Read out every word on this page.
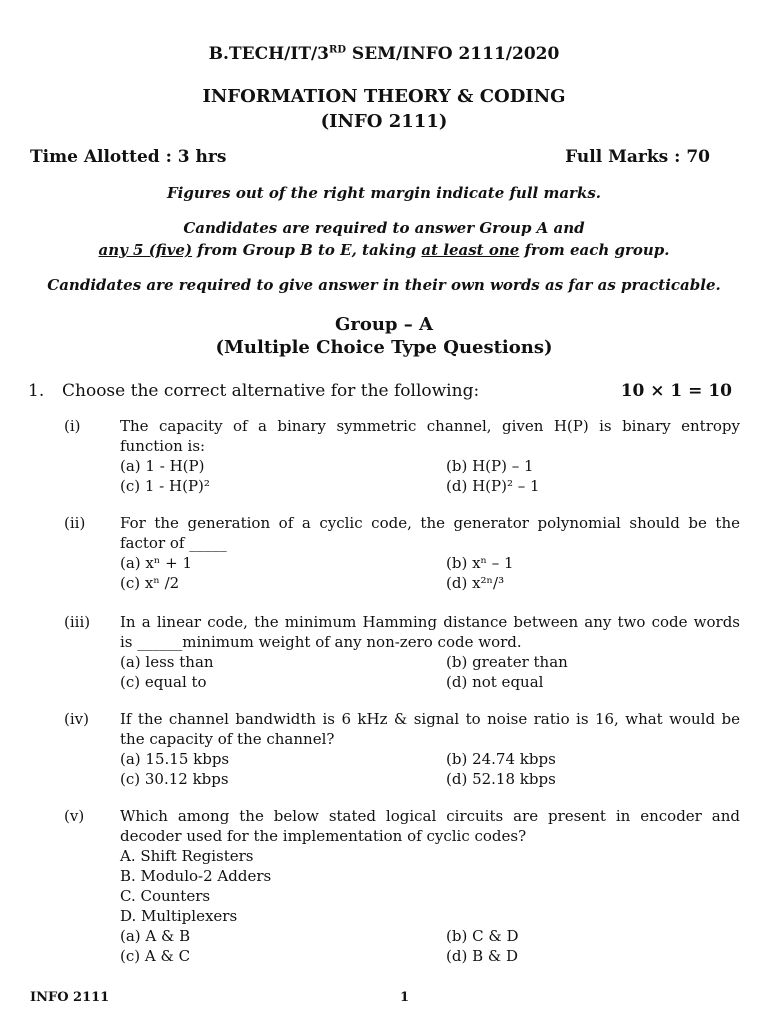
B.TECH/IT/3RD SEM/INFO 2111/2020
INFORMATION THEORY & CODING
(INFO 2111)
Time Allotted : 3 hrs	Full Marks : 70
Figures out of the right margin indicate full marks.
Candidates are required to answer Group A and
any 5 (five) from Group B to E, taking at least one from each group.
Candidates are required to give answer in their own words as far as practicable.
Group – A
(Multiple Choice Type Questions)
1. Choose the correct alternative for the following:	10 × 1 = 10
(i)	The capacity of a binary symmetric channel, given H(P) is binary entropy function is:
(a) 1 - H(P)	(b) H(P) – 1
(c) 1 - H(P)²	(d) H(P)² – 1
(ii) For the generation of a cyclic code, the generator polynomial should be the factor of _____
(a) xⁿ + 1	(b) xⁿ – 1
(c) xⁿ /2	(d) x²ⁿ/³
(iii) In a linear code, the minimum Hamming distance between any two code words is ______minimum weight of any non-zero code word.
(a) less than	(b) greater than
(c) equal to	(d) not equal
(iv) If the channel bandwidth is 6 kHz & signal to noise ratio is 16, what would be the capacity of the channel?
(a) 15.15 kbps	(b) 24.74 kbps
(c) 30.12 kbps	(d) 52.18 kbps
(v) Which among the below stated logical circuits are present in encoder and decoder used for the implementation of cyclic codes?
A. Shift Registers
B. Modulo-2 Adders
C. Counters
D. Multiplexers
(a) A & B	(b) C & D
(c) A & C	(d) B & D
INFO 2111	1
